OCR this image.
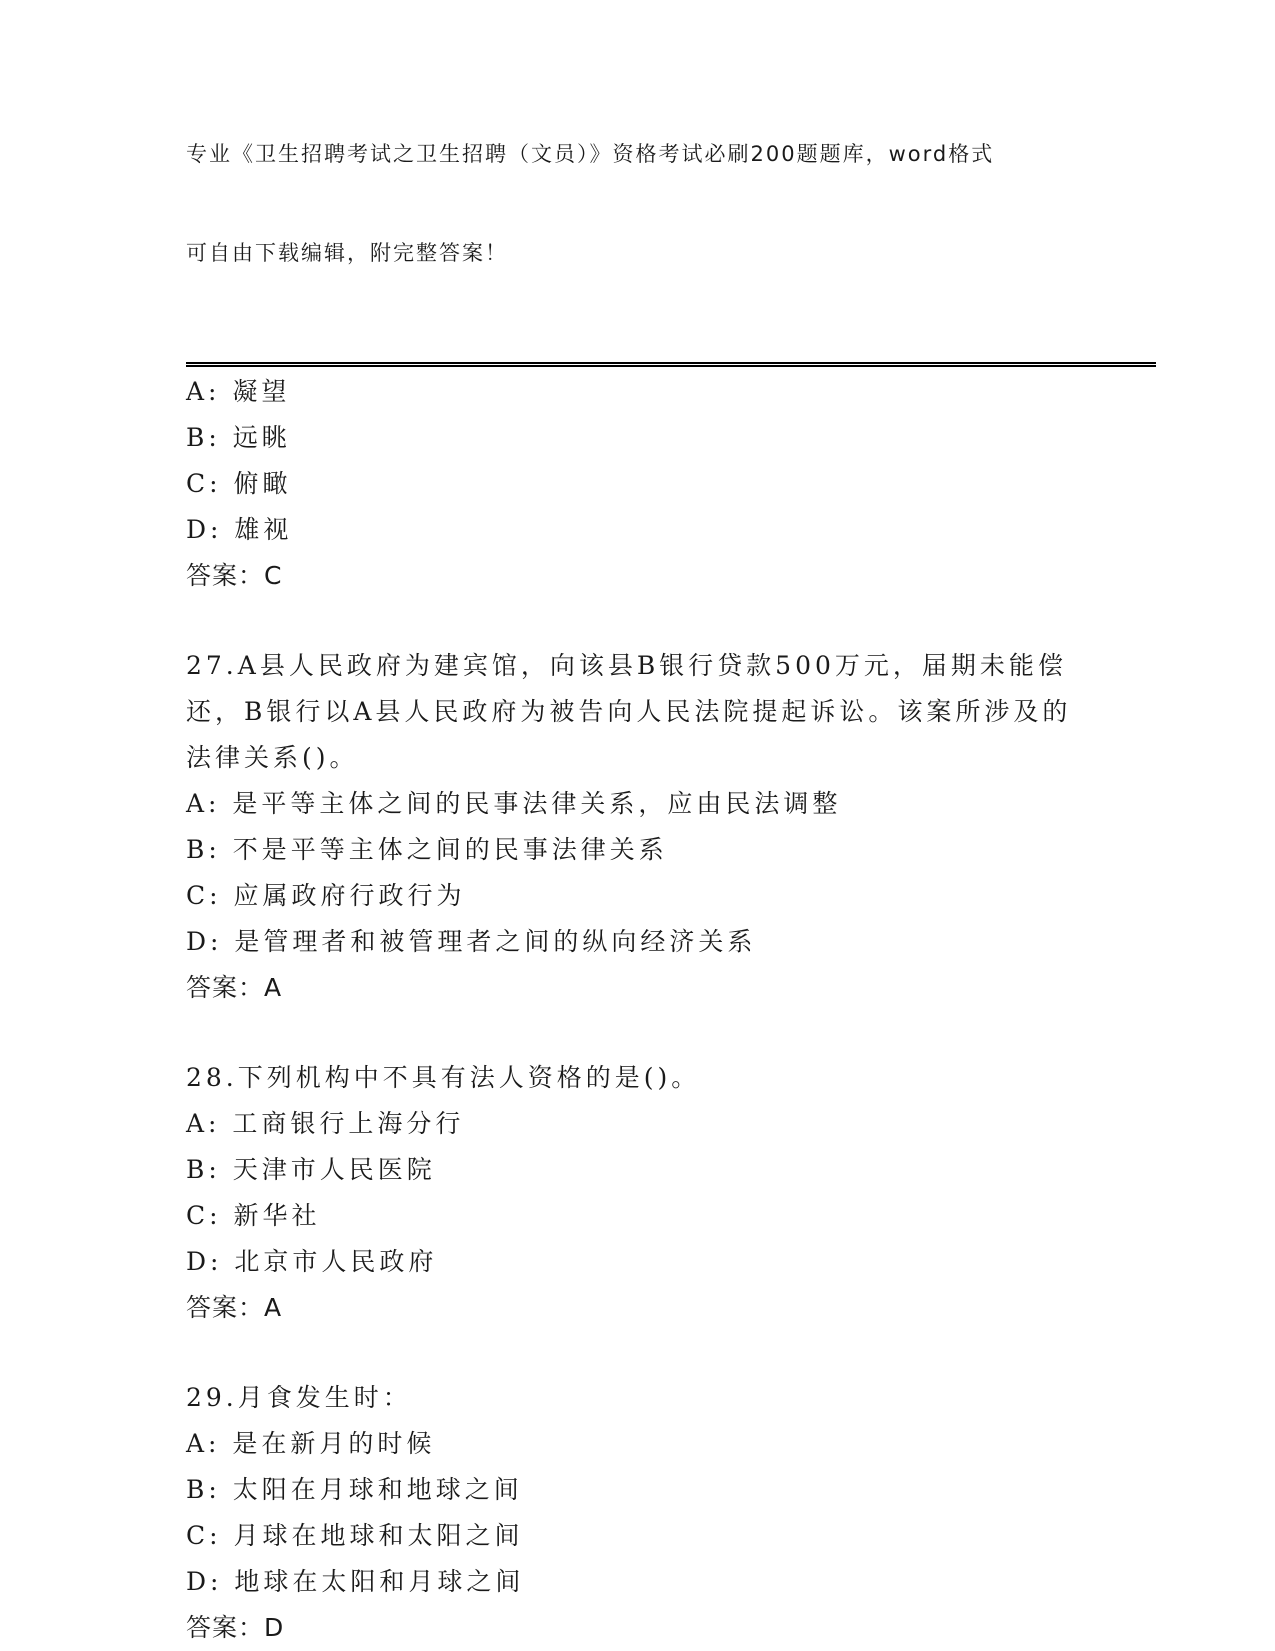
专业《卫生招聘考试之卫生招聘（文员）》资格考试必刷200题题库，word格式

可自由下载编辑，附完整答案！

A: 凝望

B: 远眺

C: 俯瞰

D: 雄视

答案：C

27.A县人民政府为建宾馆，向该县B银行贷款500万元，届期未能偿还，B银行以A县人民政府为被告向人民法院提起诉讼。该案所涉及的法律关系()。

A: 是平等主体之间的民事法律关系，应由民法调整

B: 不是平等主体之间的民事法律关系

C: 应属政府行政行为

D: 是管理者和被管理者之间的纵向经济关系

答案：A

28.下列机构中不具有法人资格的是()。

A: 工商银行上海分行

B: 天津市人民医院

C: 新华社

D: 北京市人民政府

答案：A

29.月食发生时：

A: 是在新月的时候

B: 太阳在月球和地球之间

C: 月球在地球和太阳之间

D: 地球在太阳和月球之间

答案：D
